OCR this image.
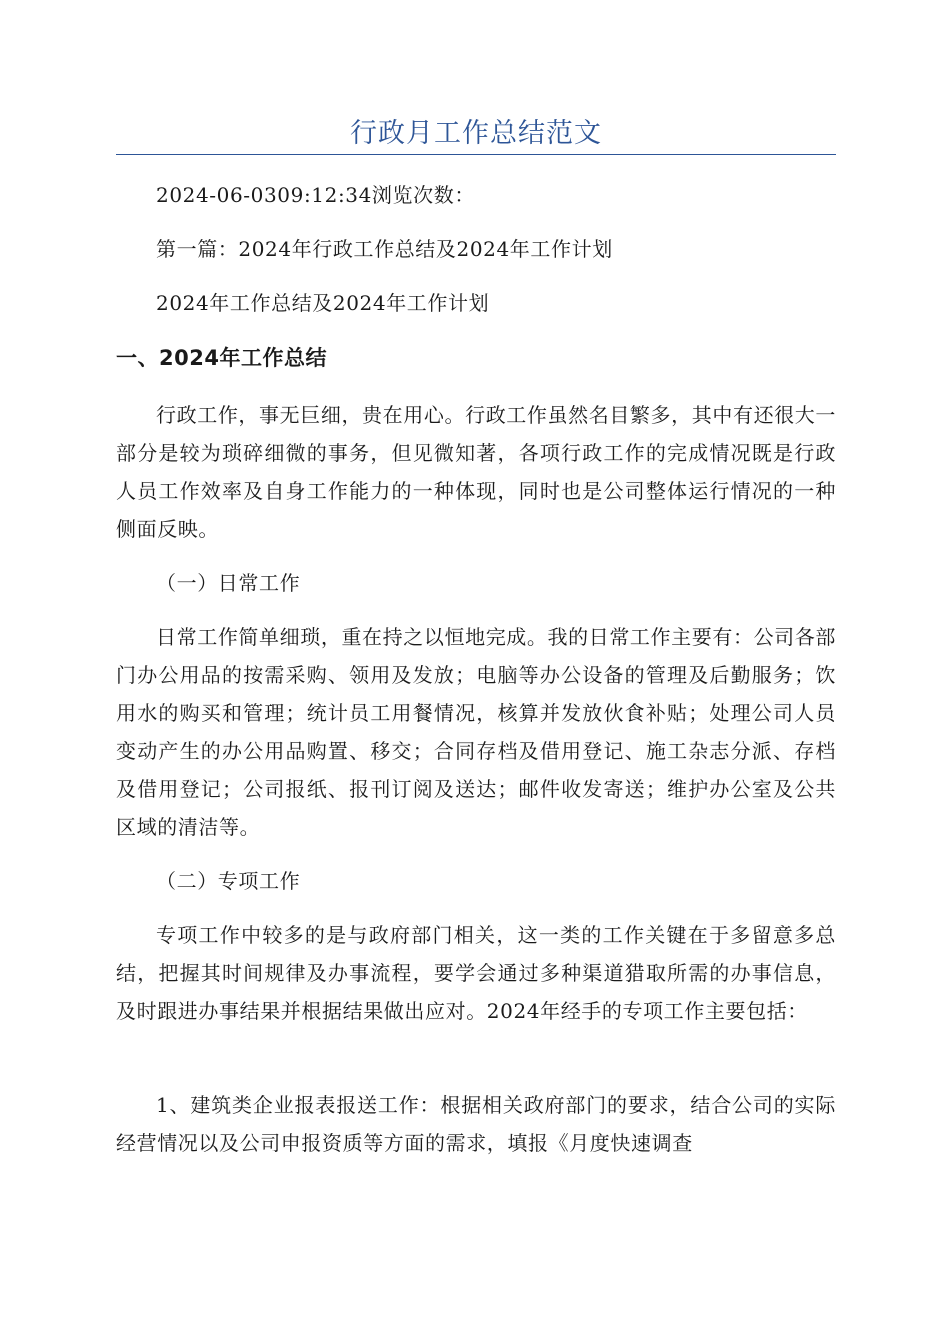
行政月工作总结范文

2024-06-0309:12:34浏览次数：

第一篇：2024年行政工作总结及2024年工作计划

2024年工作总结及2024年工作计划

一、2024年工作总结

行政工作，事无巨细，贵在用心。行政工作虽然名目繁多，其中有还很大一部分是较为琐碎细微的事务，但见微知著，各项行政工作的完成情况既是行政人员工作效率及自身工作能力的一种体现，同时也是公司整体运行情况的一种侧面反映。

（一）日常工作

日常工作简单细琐，重在持之以恒地完成。我的日常工作主要有：公司各部门办公用品的按需采购、领用及发放；电脑等办公设备的管理及后勤服务；饮用水的购买和管理；统计员工用餐情况，核算并发放伙食补贴；处理公司人员变动产生的办公用品购置、移交；合同存档及借用登记、施工杂志分派、存档及借用登记；公司报纸、报刊订阅及送达；邮件收发寄送；维护办公室及公共区域的清洁等。

（二）专项工作

专项工作中较多的是与政府部门相关，这一类的工作关键在于多留意多总结，把握其时间规律及办事流程，要学会通过多种渠道猎取所需的办事信息，及时跟进办事结果并根据结果做出应对。2024年经手的专项工作主要包括：

1、建筑类企业报表报送工作：根据相关政府部门的要求，结合公司的实际经营情况以及公司申报资质等方面的需求，填报《月度快速调查
